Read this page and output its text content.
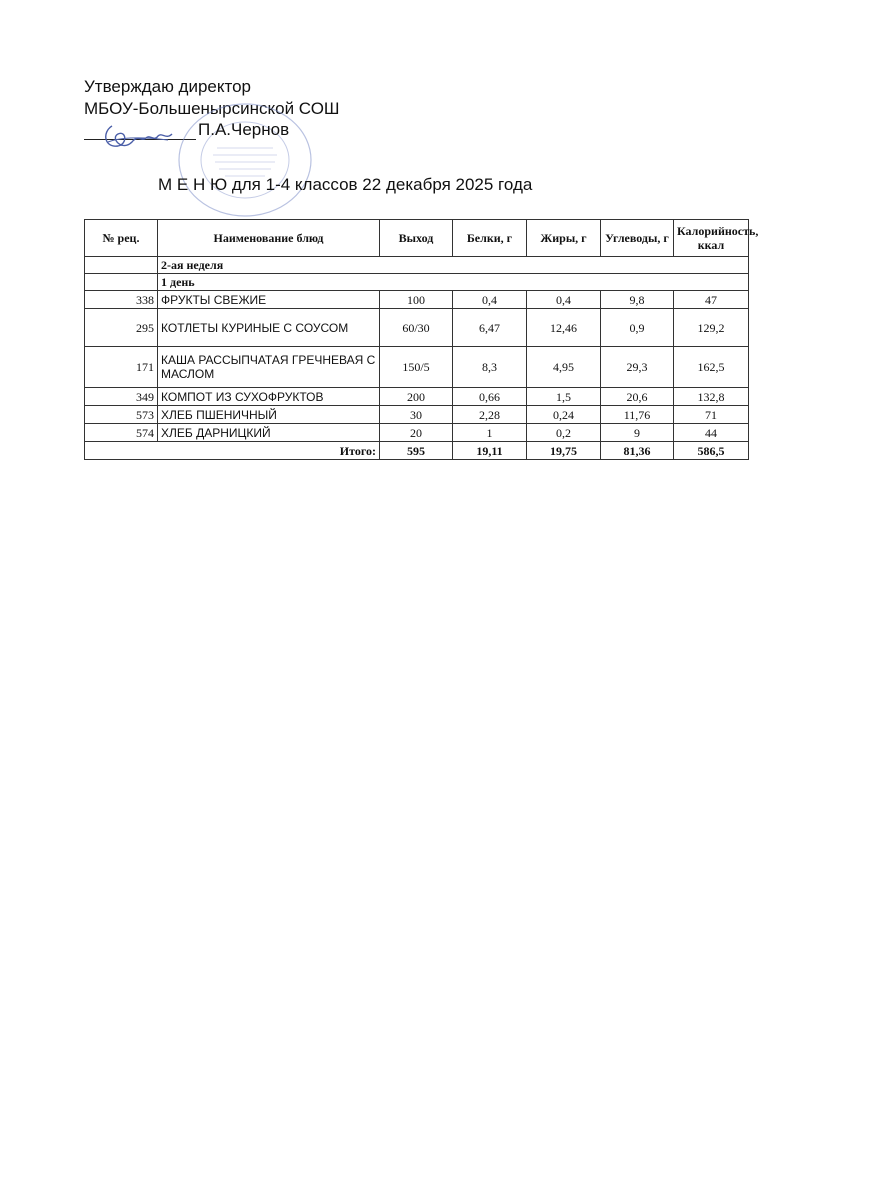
Утверждаю директор
МБОУ-Большенырсинской СОШ
П.А.Чернов
М Е Н Ю для 1-4 классов 22 декабря 2025 года
№ рец.	Наименование блюд	Выход	Белки, г	Жиры, г	Углеводы, г	Калорийность, ккал
	2-ая неделя					
	1 день					
338	ФРУКТЫ СВЕЖИЕ	100	0,4	0,4	9,8	47
295	КОТЛЕТЫ КУРИНЫЕ С СОУСОМ	60/30	6,47	12,46	0,9	129,2
171	КАША РАССЫПЧАТАЯ ГРЕЧНЕВАЯ С МАСЛОМ	150/5	8,3	4,95	29,3	162,5
349	КОМПОТ ИЗ СУХОФРУКТОВ	200	0,66	1,5	20,6	132,8
573	ХЛЕБ ПШЕНИЧНЫЙ	30	2,28	0,24	11,76	71
574	ХЛЕБ ДАРНИЦКИЙ	20	1	0,2	9	44
Итого:		595	19,11	19,75	81,36	586,5
